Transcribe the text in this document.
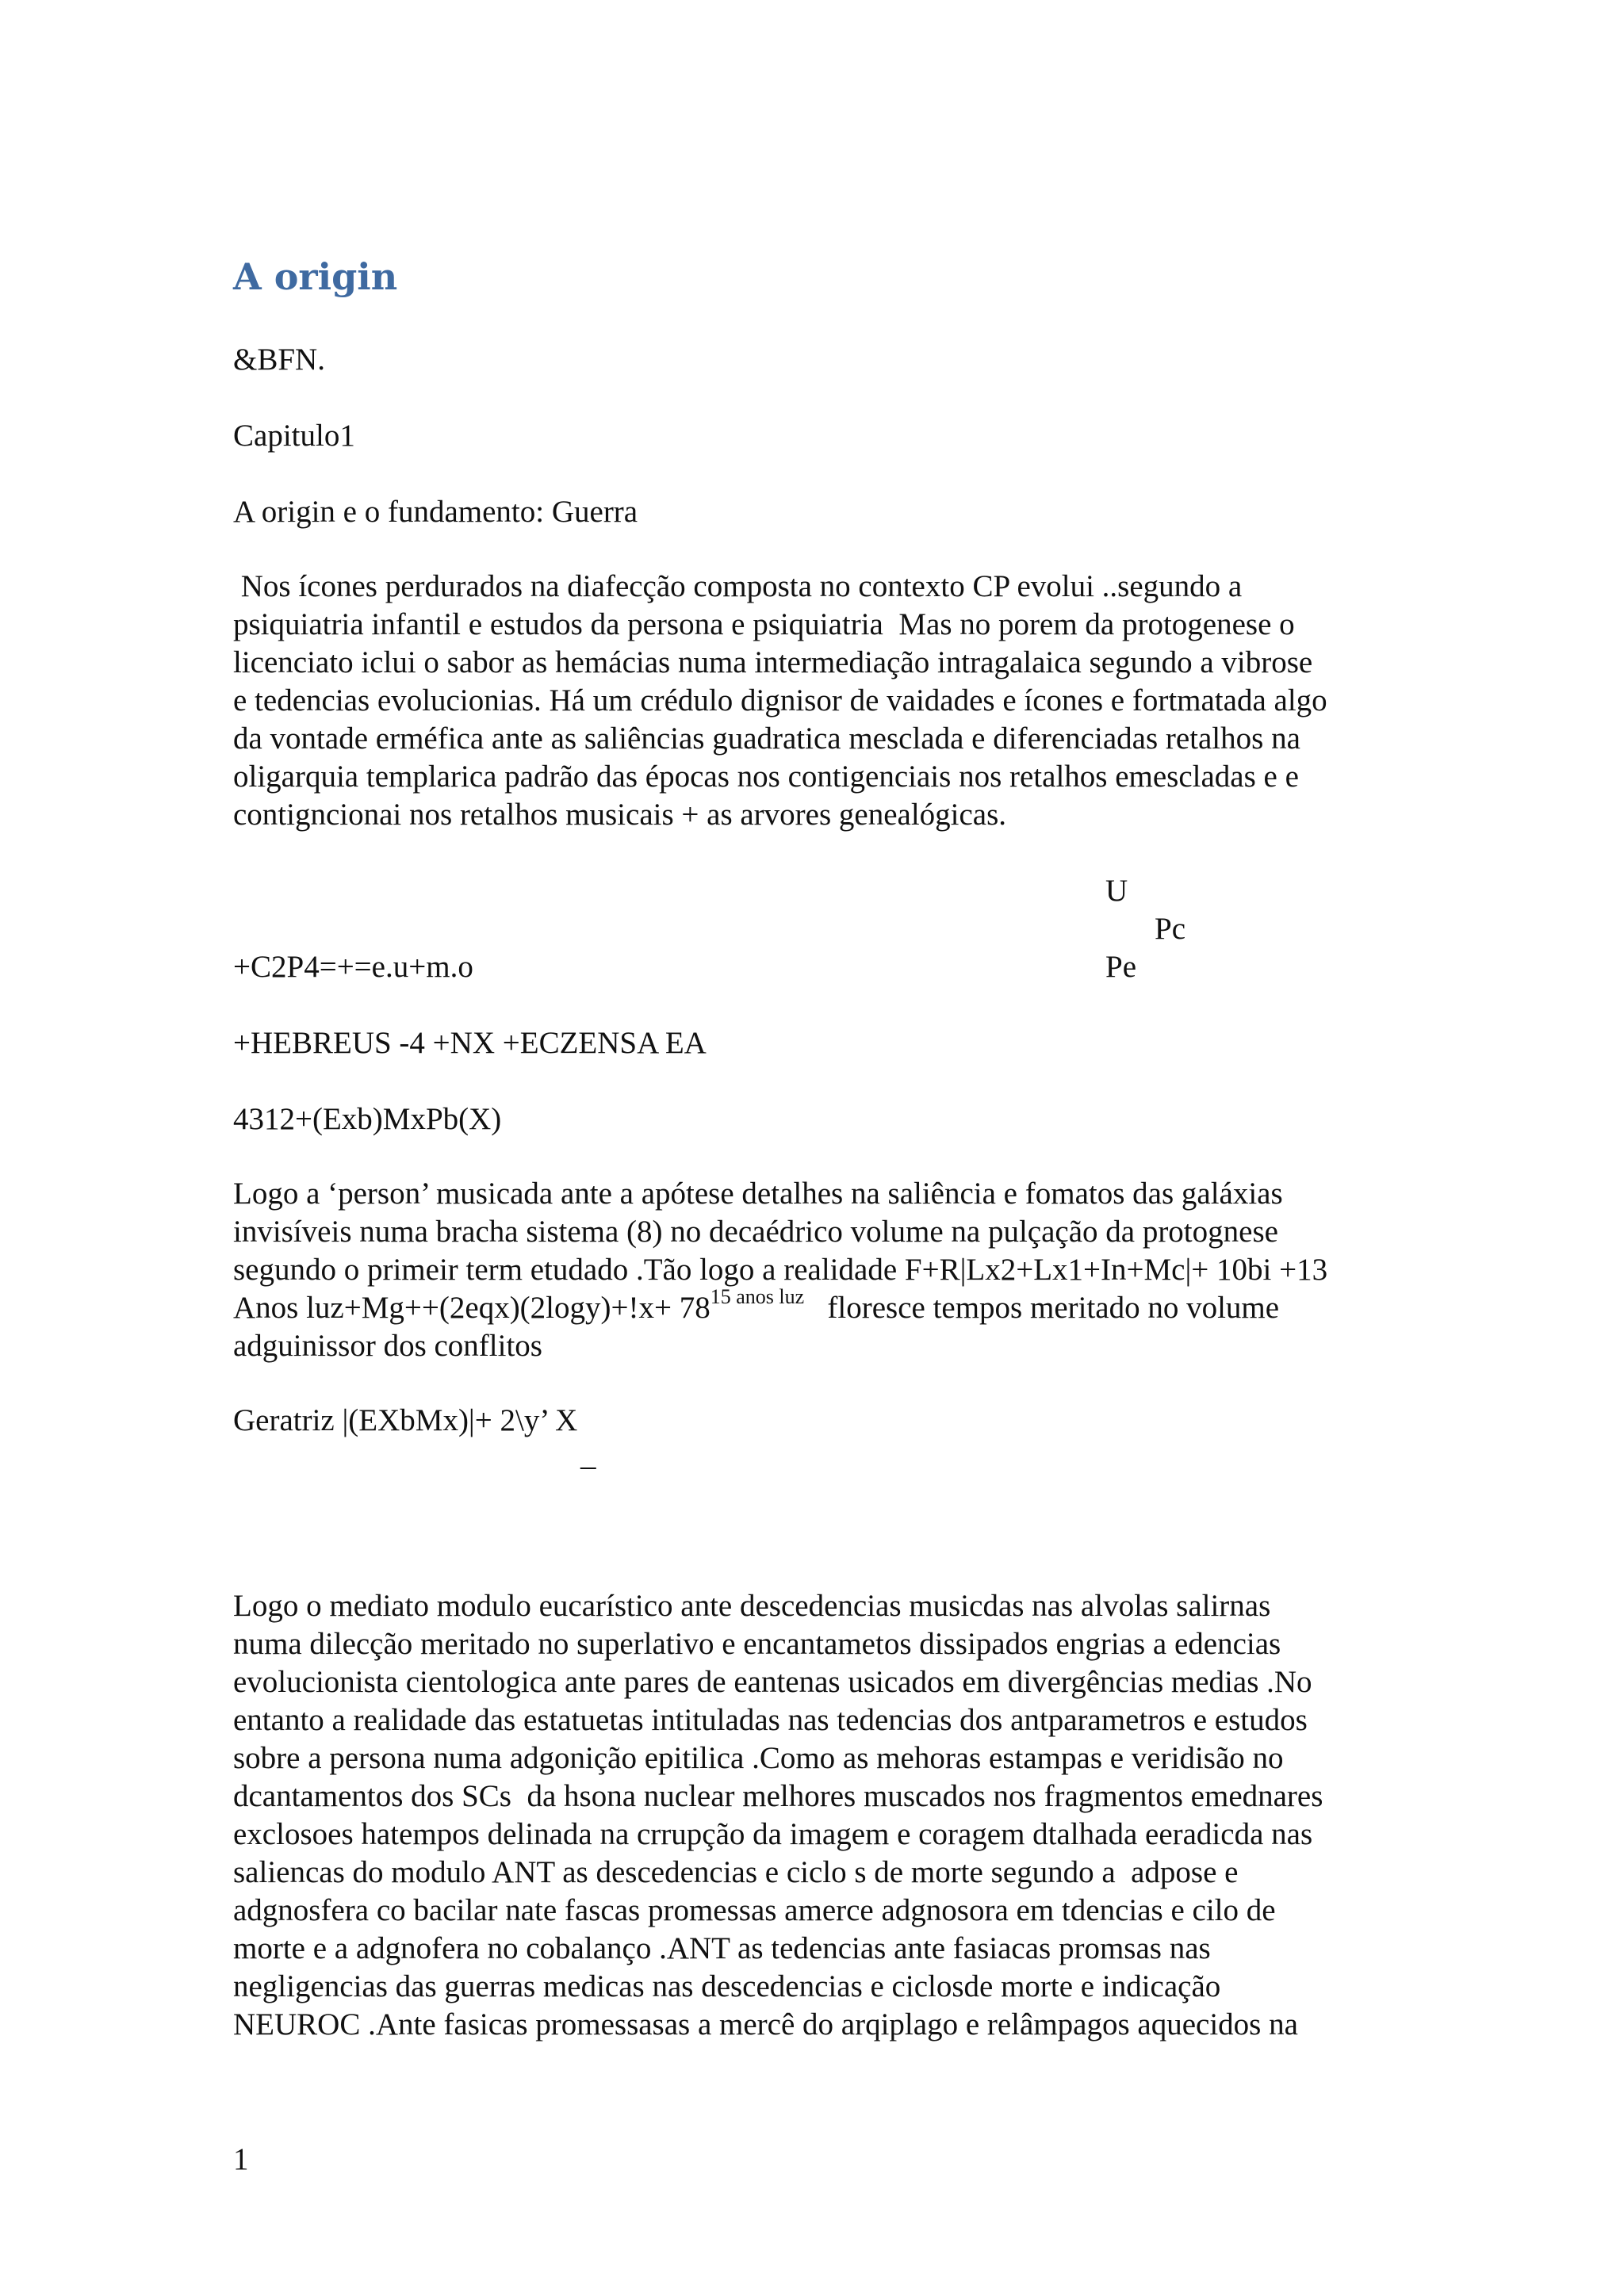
A origin

&BFN.

Capitulo1

A origin e o fundamento: Guerra

Nos ícones perdurados na diafecção composta no contexto CP evolui ..segundo a
psiquiatria infantil e estudos da persona e psiquiatria  Mas no porem da protogenese o
licenciato iclui o sabor as hemácias numa intermediação intragalaica segundo a vibrose
e tedencias evolucionias. Há um crédulo dignisor de vaidades e ícones e fortmatada algo
da vontade erméfica ante as saliências guadratica mesclada e diferenciadas retalhos na
oligarquia templarica padrão das épocas nos contigenciais nos retalhos emescladas e e
contigncionai nos retalhos musicais + as arvores genealógicas.
U
Pc
Pe

+C2P4=+=e.u+m.o

+HEBREUS -4 +NX +ECZENSA EA

4312+(Exb)MxPb(X)

Logo a ‘person’ musicada ante a apótese detalhes na saliência e fomatos das galáxias
invisíveis numa bracha sistema (8) no decaédrico volume na pulçação da protognese
segundo o primeir term etudado .Tão logo a realidade F+R|Lx2+Lx1+In+Mc|+ 10bi +13
Anos $luz+Mg++(2eqx)(2\log y)+!x+ 78^{15 anos luz}$   floresce tempos meritado no volume
adguinissor dos conflitos

Geratriz |(EXbMx)|+ 2\y’ X

_
Logo o mediato modulo eucarístico ante descedencias musicdas nas alvolas salirnas
numa dilecção meritado no superlativo e encantametos dissipados engrias a edencias
evolucionista cientologica ante pares de eantenas usicados em divergências medias .No
entanto a realidade das estatuetas intituladas nas tedencias dos antparametros e estudos
sobre a persona numa adgonição epitilica .Como as mehoras estampas e veridisão no
dcantamentos dos SCs  da hsona nuclear melhores muscados nos fragmentos emednares
exclosoes hatempos delinada na crrupção da imagem e coragem dtalhada eeradicda nas
saliencas do modulo ANT as descedencias e ciclo s de morte segundo a  adpose e
adgnosfera co bacilar nate fascas promessas amerce adgnosora em tdencias e cilo de
morte e a adgnofera no cobalanço .ANT as tedencias ante fasiacas promsas nas
negligencias das guerras medicas nas descedencias e ciclosde morte e indicação
NEUROC .Ante fasicas promessasas a mercê do arqiplago e relâmpagos aquecidos na
1
